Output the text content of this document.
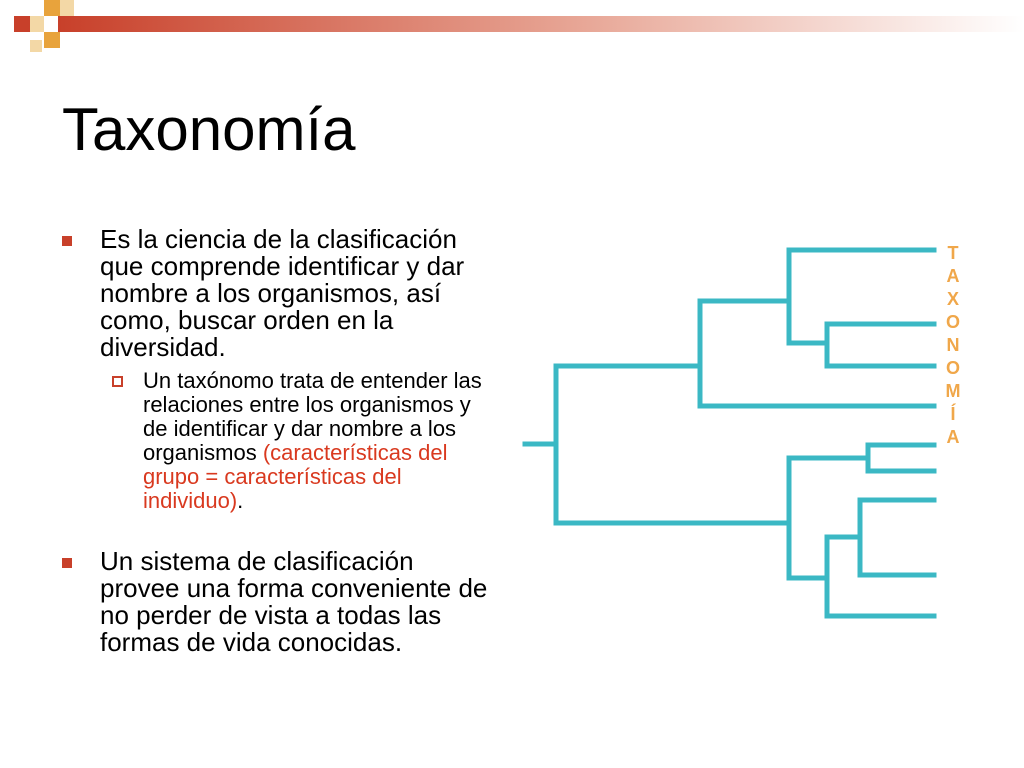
Taxonomía
Es la ciencia de la clasificación que comprende identificar y dar nombre a los organismos, así como, buscar orden en la diversidad.
Un taxónomo trata de entender las relaciones entre los organismos y de identificar y dar nombre a los organismos (características del grupo = características del individuo).
Un sistema de clasificación provee una forma conveniente de no perder de vista a todas las formas de vida conocidas.
T
A
X
O
N
O
M
Í
A
